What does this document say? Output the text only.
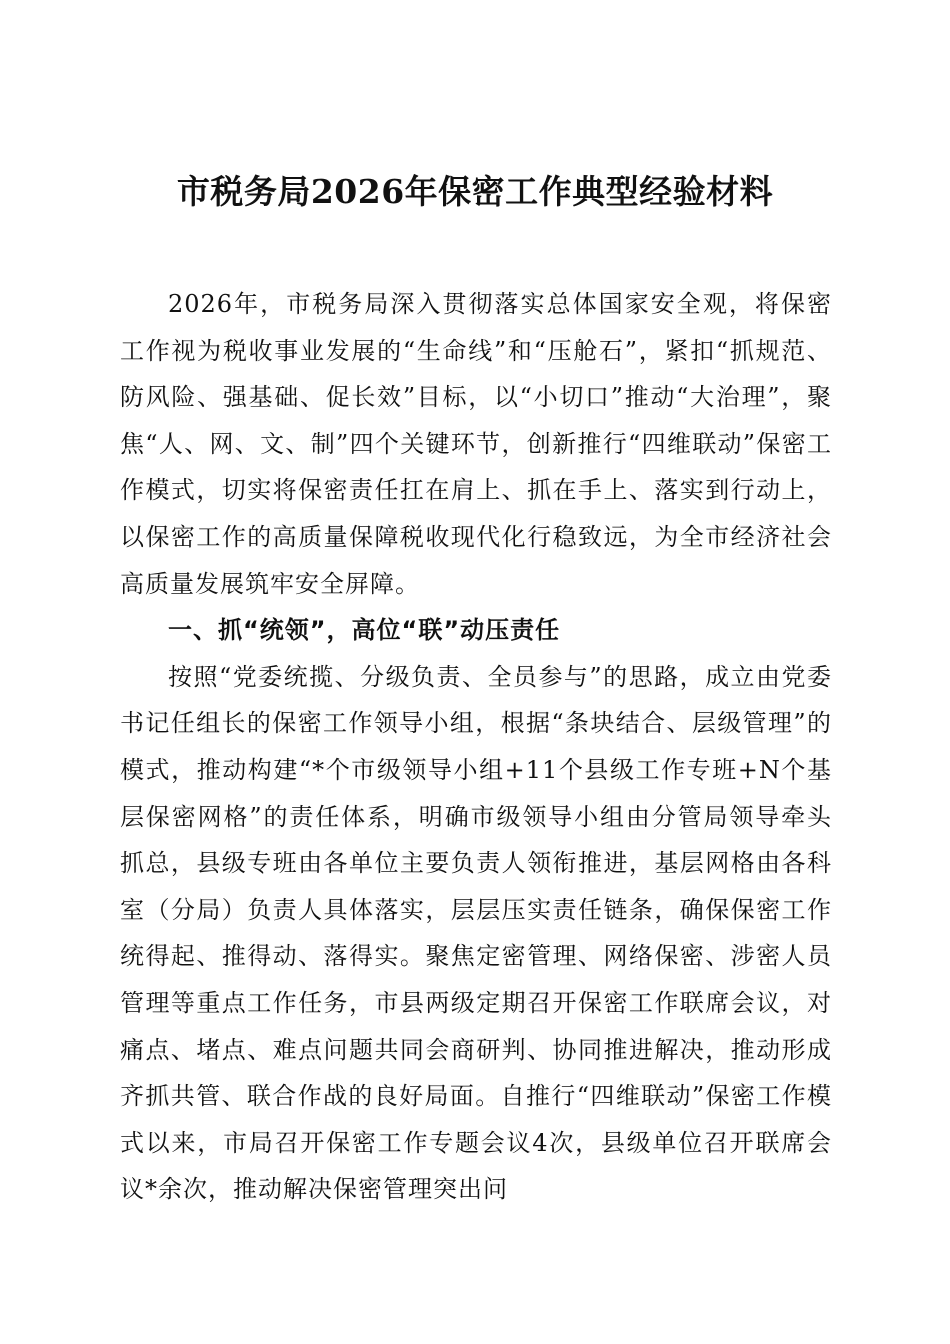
市税务局2026年保密工作典型经验材料

2026年，市税务局深入贯彻落实总体国家安全观，将保密工作视为税收事业发展的“生命线”和“压舱石”，紧扣“抓规范、防风险、强基础、促长效”目标，以“小切口”推动“大治理”，聚焦“人、网、文、制”四个关键环节，创新推行“四维联动”保密工作模式，切实将保密责任扛在肩上、抓在手上、落实到行动上，以保密工作的高质量保障税收现代化行稳致远，为全市经济社会高质量发展筑牢安全屏障。

一、抓“统领”，高位“联”动压责任

按照“党委统揽、分级负责、全员参与”的思路，成立由党委书记任组长的保密工作领导小组，根据“条块结合、层级管理”的模式，推动构建“*个市级领导小组+11个县级工作专班+N个基层保密网格”的责任体系，明确市级领导小组由分管局领导牵头抓总，县级专班由各单位主要负责人领衔推进，基层网格由各科室（分局）负责人具体落实，层层压实责任链条，确保保密工作统得起、推得动、落得实。聚焦定密管理、网络保密、涉密人员管理等重点工作任务，市县两级定期召开保密工作联席会议，对痛点、堵点、难点问题共同会商研判、协同推进解决，推动形成齐抓共管、联合作战的良好局面。自推行“四维联动”保密工作模式以来，市局召开保密工作专题会议4次，县级单位召开联席会议*余次，推动解决保密管理突出问
